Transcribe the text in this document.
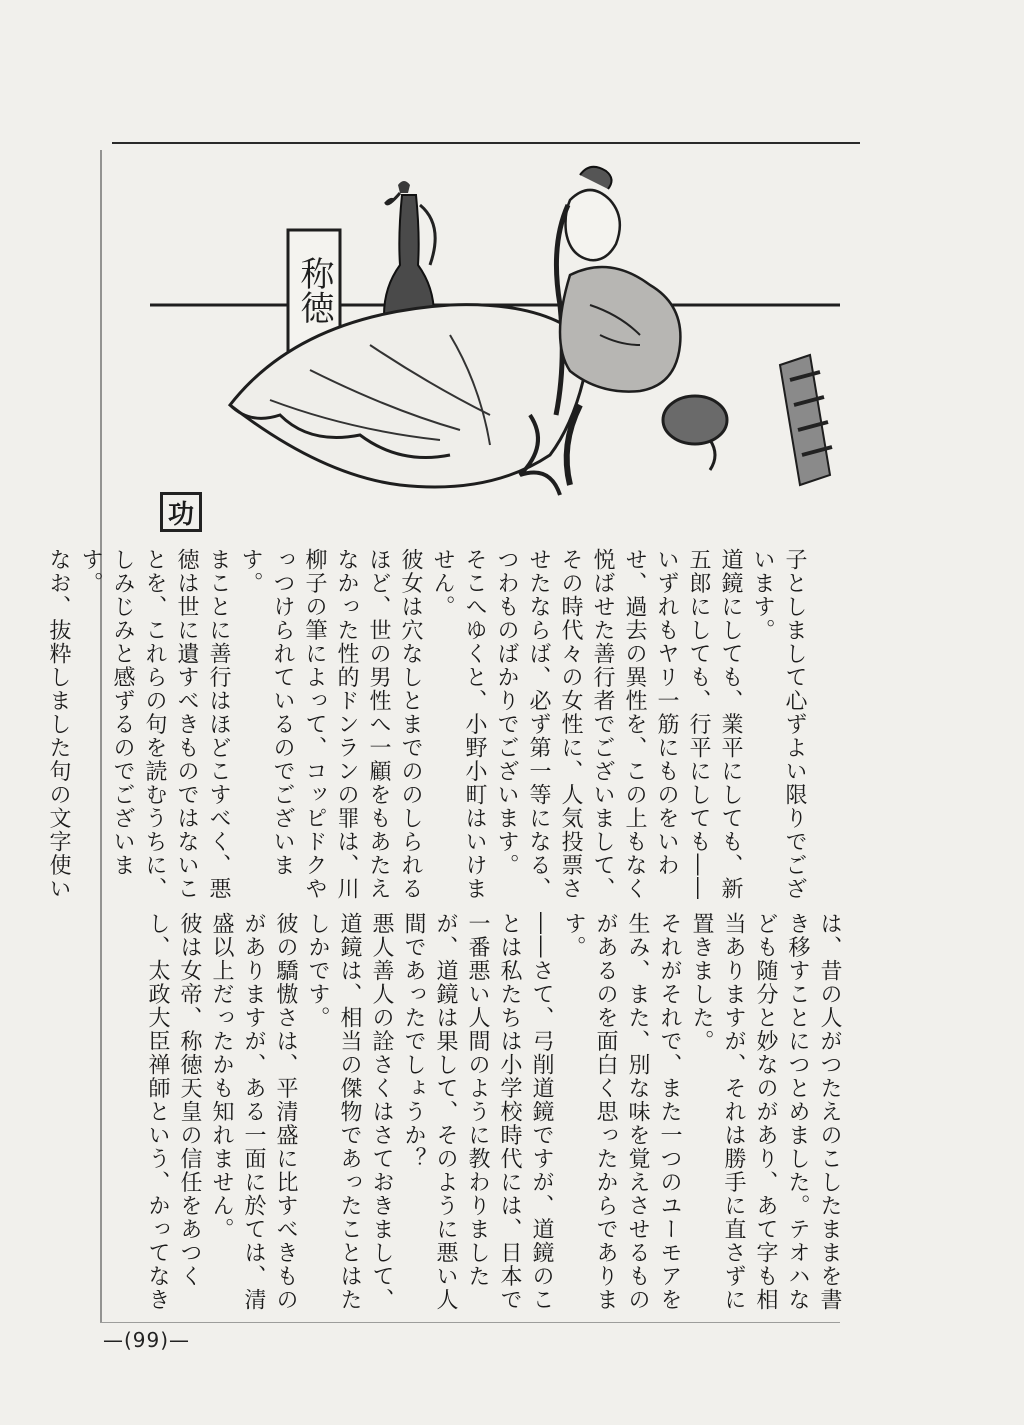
称徳
功

子としまして心ずよい限りでございます。

道鏡にしても、業平にしても、新五郎にしても、行平にしても――いずれもヤリ一筋にものをいわせ、過去の異性を、この上もなく悦ばせた善行者でございまして、その時代々の女性に、人気投票させたならば、必ず第一等になる、つわものばかりでございます。

そこへゆくと、小野小町はいけません。

彼女は穴なしとまでののしられるほど、世の男性へ一顧をもあたえなかった性的ドンランの罪は、川柳子の筆によって、コッピドクやっつけられているのでございます。

まことに善行はほどこすべく、悪徳は世に遺すべきものではないことを、これらの句を読むうちに、しみじみと感ずるのでございます。

なお、抜粋しました句の文字使い

は、昔の人がつたえのこしたままを書き移すことにつとめました。テオハなども随分と妙なのがあり、あて字も相当ありますが、それは勝手に直さずに置きました。

それがそれで、また一つのユーモアを生み、また、別な味を覚えさせるものがあるのを面白く思ったからであります。

――さて、弓削道鏡ですが、道鏡のことは私たちは小学校時代には、日本で一番悪い人間のように教わりましたが、道鏡は果して、そのように悪い人間であったでしょうか？

悪人善人の詮さくはさておきまして、道鏡は、相当の傑物であったことはたしかです。

彼の驕慠さは、平清盛に比すべきものがありますが、ある一面に於ては、清盛以上だったかも知れません。

彼は女帝、称徳天皇の信任をあつくし、太政大臣禅師という、かってなき

—(99)—
